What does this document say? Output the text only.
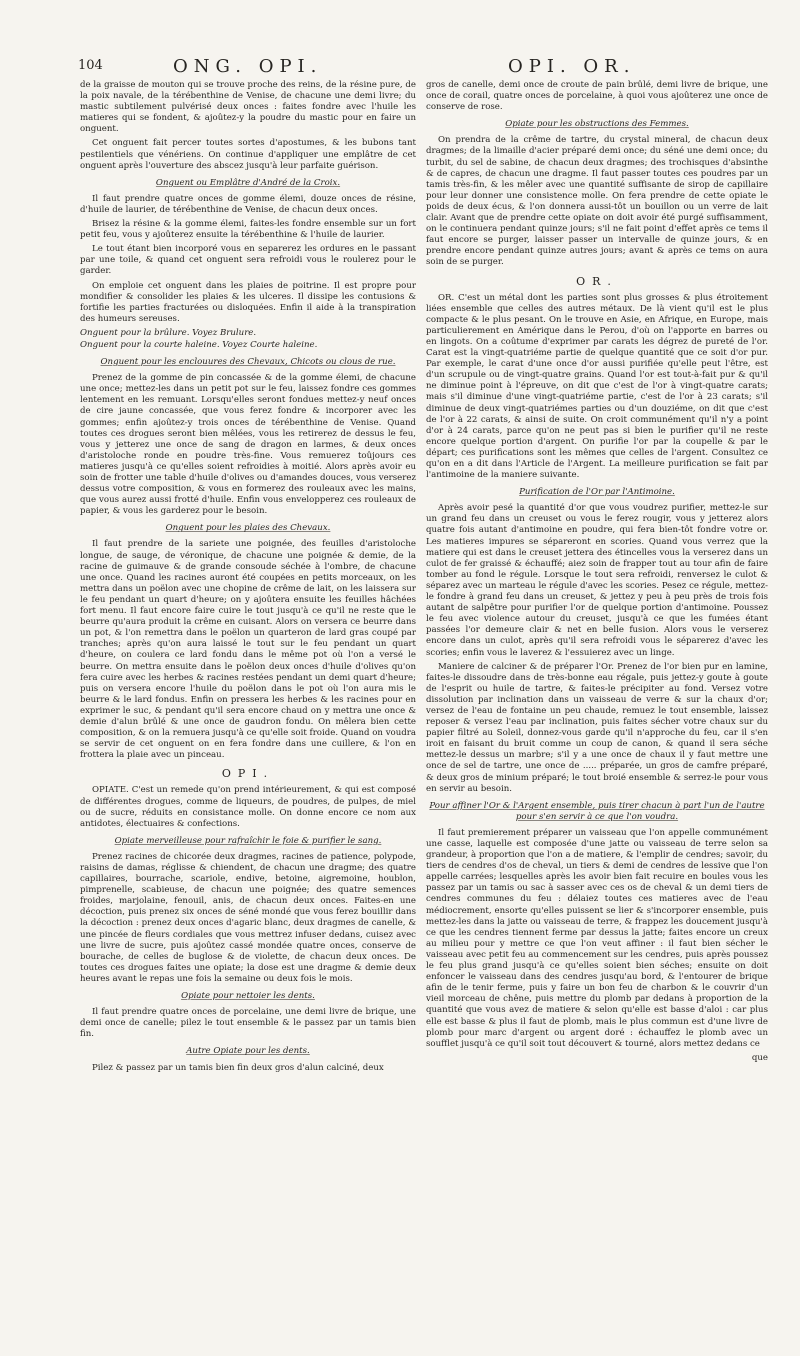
104	ONG. OPI.	OPI. OR.

de la graisse de mouton qui se trouve proche des reins, de la résine pure, de la poix navale, de la térébenthine de Venise, de chacune une demi livre; du mastic subtilement pulvérisé deux onces : faites fondre avec l'huile les matieres qui se fondent, & ajoûtez-y la poudre du mastic pour en faire un onguent.

Cet onguent fait percer toutes sortes d'apostumes, & les bubons tant pestilentiels que vénériens. On continue d'appliquer une emplâtre de cet onguent après l'ouverture des abscez jusqu'à leur parfaite guérison.

Onguent ou Emplâtre d'André de la Croix.

Il faut prendre quatre onces de gomme élemi, douze onces de résine, d'huile de laurier, de térébenthine de Venise, de chacun deux onces.

Brisez la résine & la gomme élemi, faites-les fondre ensemble sur un fort petit feu, vous y ajoûterez ensuite la térébenthine & l'huile de laurier.

Le tout étant bien incorporé vous en separerez les ordures en le passant par une toile, & quand cet onguent sera refroidi vous le roulerez pour le garder.

On emploie cet onguent dans les plaies de poitrine. Il est propre pour mondifier & consolider les plaies & les ulceres. Il dissipe les contusions & fortifie les parties fracturées ou disloquées. Enfin il aide à la transpiration des humeurs sereuses.

Onguent pour la brûlure. Voyez Brulure.

Onguent pour la courte haleine. Voyez Courte haleine.

Onguent pour les enclouures des Chevaux, Chicots ou clous de rue.

Prenez de la gomme de pin concassée & de la gomme élemi, de chacune une once; mettez-les dans un petit pot sur le feu, laissez fondre ces gommes lentement en les remuant. Lorsqu'elles seront fondues mettez-y neuf onces de cire jaune concassée, que vous ferez fondre & incorporer avec les gommes; enfin ajoûtez-y trois onces de térébenthine de Venise. Quand toutes ces drogues seront bien mêlées, vous les retirerez de dessus le feu, vous y jetterez une once de sang de dragon en larmes, & deux onces d'aristoloche ronde en poudre très-fine. Vous remuerez toûjours ces matieres jusqu'à ce qu'elles soient refroidies à moitié. Alors après avoir eu soin de frotter une table d'huile d'olives ou d'amandes douces, vous verserez dessus votre composition, & vous en formerez des rouleaux avec les mains, que vous aurez aussi frotté d'huile. Enfin vous envelopperez ces rouleaux de papier, & vous les garderez pour le besoin.

Onguent pour les plaies des Chevaux.

Il faut prendre de la sariete une poignée, des feuilles d'aristoloche longue, de sauge, de véronique, de chacune une poignée & demie, de la racine de guimauve & de grande consoude séchée à l'ombre, de chacune une once. Quand les racines auront été coupées en petits morceaux, on les mettra dans un poëlon avec une chopine de crême de lait, on les laissera sur le feu pendant un quart d'heure; on y ajoûtera ensuite les feuilles hâchées fort menu. Il faut encore faire cuire le tout jusqu'à ce qu'il ne reste que le beurre qu'aura produit la crême en cuisant. Alors on versera ce beurre dans un pot, & l'on remettra dans le poëlon un quarteron de lard gras coupé par tranches; après qu'on aura laissé le tout sur le feu pendant un quart d'heure, on coulera ce lard fondu dans le même pot où l'on a versé le beurre. On mettra ensuite dans le poëlon deux onces d'huile d'olives qu'on fera cuire avec les herbes & racines restées pendant un demi quart d'heure; puis on versera encore l'huile du poëlon dans le pot où l'on aura mis le beurre & le lard fondus. Enfin on pressera les herbes & les racines pour en exprimer le suc, & pendant qu'il sera encore chaud on y mettra une once & demie d'alun brûlé & une once de gaudron fondu. On mêlera bien cette composition, & on la remuera jusqu'à ce qu'elle soit froide. Quand on voudra se servir de cet onguent on en fera fondre dans une cuillere, & l'on en frottera la plaie avec un pinceau.

OPI.

OPIATE. C'est un remede qu'on prend intérieurement, & qui est composé de différentes drogues, comme de liqueurs, de poudres, de pulpes, de miel ou de sucre, réduits en consistance molle. On donne encore ce nom aux antidotes, électuaires & confections.

Opiate merveilleuse pour rafraîchir le foie & purifier le sang.

Prenez racines de chicorée deux dragmes, racines de patience, polypode, raisins de damas, réglisse & chiendent, de chacun une dragme; des quatre capillaires, bourrache, scariole, endive, betoine, aigremoine, houblon, pimprenelle, scabieuse, de chacun une poignée; des quatre semences froides, marjolaine, fenouil, anis, de chacun deux onces. Faites-en une décoction, puis prenez six onces de séné mondé que vous ferez bouillir dans la décoction : prenez deux onces d'agaric blanc, deux dragmes de canelle, & une pincée de fleurs cordiales que vous mettrez infuser dedans, cuisez avec une livre de sucre, puis ajoûtez cassé mondée quatre onces, conserve de bourache, de celles de buglose & de violette, de chacun deux onces. De toutes ces drogues faites une opiate; la dose est une dragme & demie deux heures avant le repas une fois la semaine ou deux fois le mois.

Opiate pour nettoier les dents.

Il faut prendre quatre onces de porcelaine, une demi livre de brique, une demi once de canelle; pilez le tout ensemble & le passez par un tamis bien fin.

Autre Opiate pour les dents.

Pilez & passez par un tamis bien fin deux gros d'alun calciné, deux

gros de canelle, demi once de croute de pain brûlé, demi livre de brique, une once de corail, quatre onces de porcelaine, à quoi vous ajoûterez une once de conserve de rose.

Opiate pour les obstructions des Femmes.

On prendra de la crême de tartre, du crystal mineral, de chacun deux dragmes; de la limaille d'acier préparé demi once; du séné une demi once; du turbit, du sel de sabine, de chacun deux dragmes; des trochisques d'absinthe & de capres, de chacun une dragme. Il faut passer toutes ces poudres par un tamis très-fin, & les mêler avec une quantité suffisante de sirop de capillaire pour leur donner une consistence molle. On fera prendre de cette opiate le poids de deux écus, & l'on donnera aussi-tôt un bouillon ou un verre de lait clair. Avant que de prendre cette opiate on doit avoir été purgé suffisamment, on le continuera pendant quinze jours; s'il ne fait point d'effet après ce tems il faut encore se purger, laisser passer un intervalle de quinze jours, & en prendre encore pendant quinze autres jours; avant & après ce tems on aura soin de se purger.

OR.

OR. C'est un métal dont les parties sont plus grosses & plus étroitement liées ensemble que celles des autres métaux. De là vient qu'il est le plus compacte & le plus pesant. On le trouve en Asie, en Afrique, en Europe, mais particulierement en Amérique dans le Perou, d'où on l'apporte en barres ou en lingots. On a coûtume d'exprimer par carats les dégrez de pureté de l'or. Carat est la vingt-quatriéme partie de quelque quantité que ce soit d'or pur. Par exemple, le carat d'une once d'or aussi purifiée qu'elle peut l'être, est d'un scrupule ou de vingt-quatre grains. Quand l'or est tout-à-fait pur & qu'il ne diminue point à l'épreuve, on dit que c'est de l'or à vingt-quatre carats; mais s'il diminue d'une vingt-quatriéme partie, c'est de l'or à 23 carats; s'il diminue de deux vingt-quatriémes parties ou d'un douziéme, on dit que c'est de l'or à 22 carats, & ainsi de suite. On croit communément qu'il n'y a point d'or à 24 carats, parce qu'on ne peut pas si bien le purifier qu'il ne reste encore quelque portion d'argent. On purifie l'or par la coupelle & par le départ; ces purifications sont les mêmes que celles de l'argent. Consultez ce qu'on en a dit dans l'Article de l'Argent. La meilleure purification se fait par l'antimoine de la maniere suivante.

Purification de l'Or par l'Antimoine.

Après avoir pesé la quantité d'or que vous voudrez purifier, mettez-le sur un grand feu dans un creuset ou vous le ferez rougir, vous y jetterez alors quatre fois autant d'antimoine en poudre, qui fera bien-tôt fondre votre or. Les matieres impures se sépareront en scories. Quand vous verrez que la matiere qui est dans le creuset jettera des étincelles vous la verserez dans un culot de fer graissé & échauffé; aiez soin de frapper tout au tour afin de faire tomber au fond le régule. Lorsque le tout sera refroidi, renversez le culot & séparez avec un marteau le régule d'avec les scories. Pesez ce régule, mettez-le fondre à grand feu dans un creuset, & jettez y peu à peu près de trois fois autant de salpêtre pour purifier l'or de quelque portion d'antimoine. Poussez le feu avec violence autour du creuset, jusqu'à ce que les fumées étant passées l'or demeure clair & net en belle fusion. Alors vous le verserez encore dans un culot, après qu'il sera refroidi vous le séparerez d'avec les scories; enfin vous le laverez & l'essuierez avec un linge.

Maniere de calciner & de préparer l'Or. Prenez de l'or bien pur en lamine, faites-le dissoudre dans de très-bonne eau régale, puis jettez-y goute à goute de l'esprit ou huile de tartre, & faites-le précipiter au fond. Versez votre dissolution par inclination dans un vaisseau de verre & sur la chaux d'or; versez de l'eau de fontaine un peu chaude, remuez le tout ensemble, laissez reposer & versez l'eau par inclination, puis faites sécher votre chaux sur du papier filtré au Soleil, donnez-vous garde qu'il n'approche du feu, car il s'en iroit en faisant du bruit comme un coup de canon, & quand il sera séche mettez-le dessus un marbre; s'il y a une once de chaux il y faut mettre une once de sel de tartre, une once de ..... préparée, un gros de camfre préparé, & deux gros de minium préparé; le tout broié ensemble & serrez-le pour vous en servir au besoin.

Pour affiner l'Or & l'Argent ensemble, puis tirer chacun à part l'un de l'autre pour s'en servir à ce que l'on voudra.

Il faut premierement préparer un vaisseau que l'on appelle communément une casse, laquelle est composée d'une jatte ou vaisseau de terre selon sa grandeur, à proportion que l'on a de matiere, & l'emplir de cendres; savoir, du tiers de cendres d'os de cheval, un tiers & demi de cendres de lessive que l'on appelle carrées; lesquelles après les avoir bien fait recuire en boules vous les passez par un tamis ou sac à sasser avec ces os de cheval & un demi tiers de cendres communes du feu : délaiez toutes ces matieres avec de l'eau médiocrement, ensorte qu'elles puissent se lier & s'incorporer ensemble, puis mettez-les dans la jatte ou vaisseau de terre, & frappez les doucement jusqu'à ce que les cendres tiennent ferme par dessus la jatte; faites encore un creux au milieu pour y mettre ce que l'on veut affiner : il faut bien sécher le vaisseau avec petit feu au commencement sur les cendres, puis après poussez le feu plus grand jusqu'à ce qu'elles soient bien séches; ensuite on doit enfoncer le vaisseau dans des cendres jusqu'au bord, & l'entourer de brique afin de le tenir ferme, puis y faire un bon feu de charbon & le couvrir d'un vieil morceau de chêne, puis mettre du plomb par dedans à proportion de la quantité que vous avez de matiere & selon qu'elle est basse d'aloi : car plus elle est basse & plus il faut de plomb, mais le plus commun est d'une livre de plomb pour marc d'argent ou argent doré : échauffez le plomb avec un soufflet jusqu'à ce qu'il soit tout découvert & tourné, alors mettez dedans ce

que
